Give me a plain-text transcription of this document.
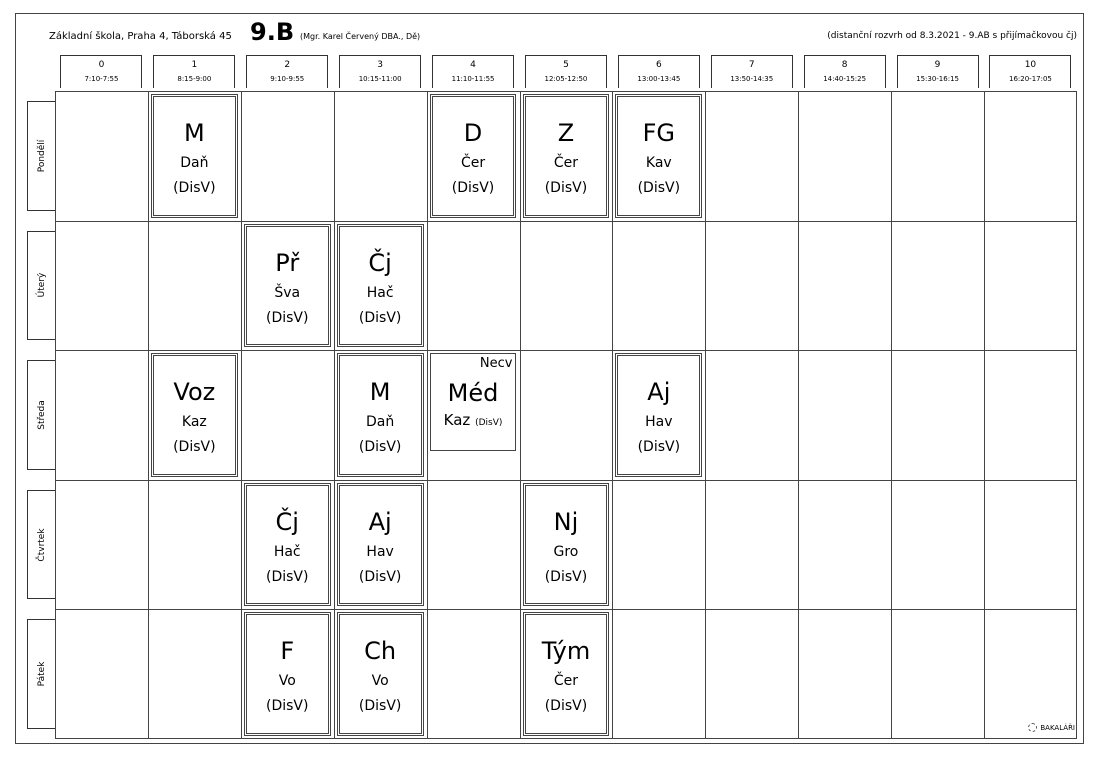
Základní škola, Praha 4, Táborská 45 9.B (Mgr. Karel Červený DBA., Dě)	(distanční rozvrh od 8.3.2021 - 9.AB s přijímačkovou čj)
0
7:10-7:55
1
8:15-9:00
2
9:10-9:55
3
10:15-11:00
4
11:10-11:55
5
12:05-12:50
6
13:00-13:45
7
13:50-14:35
8
14:40-15:25
9
15:30-16:15
10
16:20-17:05
Pondělí
Úterý
Středa
Čtvrtek
Pátek
M
Daň
(DisV)
D
Čer
(DisV)
Z
Čer
(DisV)
FG
Kav
(DisV)
Př
Šva
(DisV)
Čj
Hač
(DisV)
Voz
Kaz
(DisV)
M
Daň
(DisV)
Necv
Méd
Kaz (DisV)
Aj
Hav
(DisV)
Čj
Hač
(DisV)
Aj
Hav
(DisV)
Nj
Gro
(DisV)
F
Vo
(DisV)
Ch
Vo
(DisV)
Tým
Čer
(DisV)
BAKALÁŘI
